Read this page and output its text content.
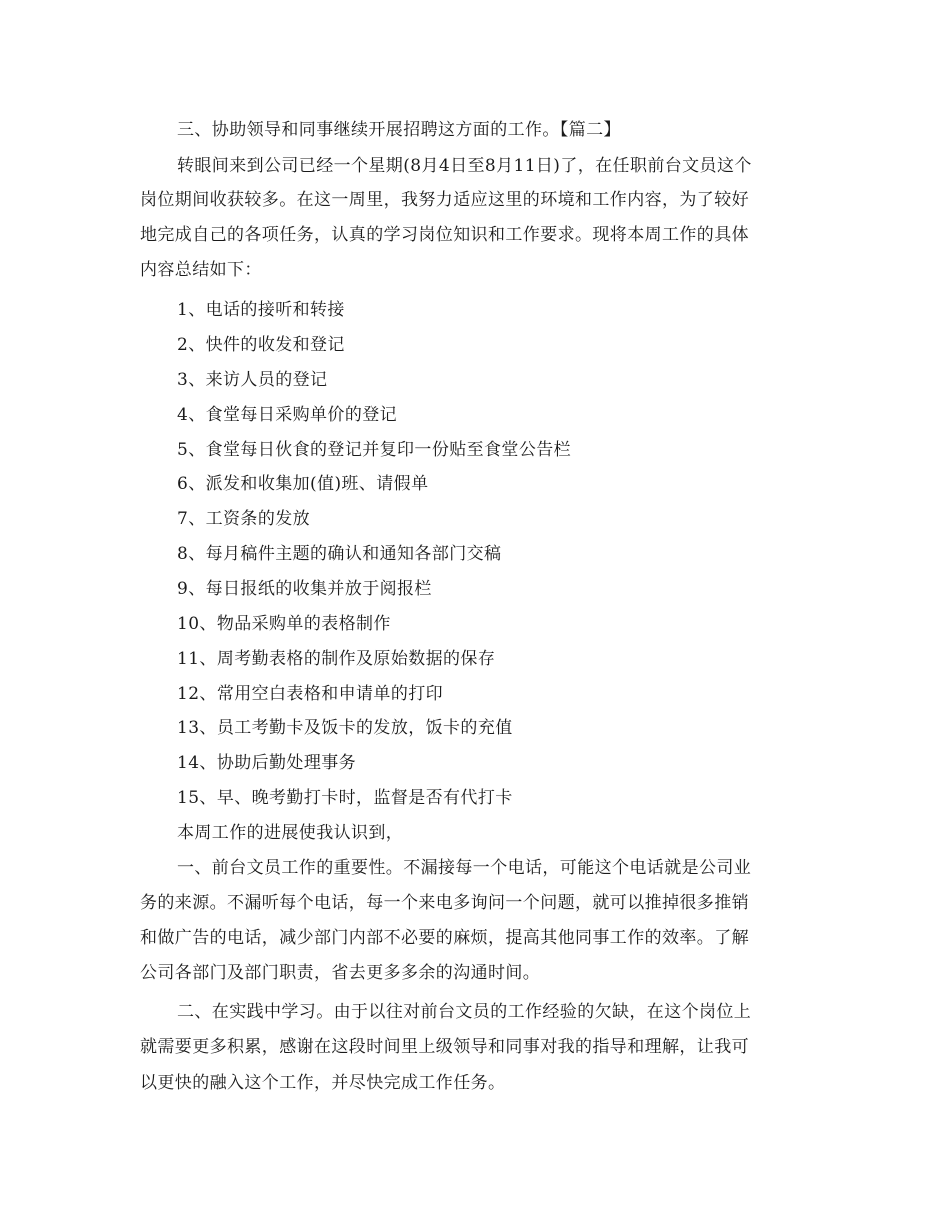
三、协助领导和同事继续开展招聘这方面的工作。【篇二】
转眼间来到公司已经一个星期(8月4日至8月11日)了，在任职前台文员这个
岗位期间收获较多。在这一周里，我努力适应这里的环境和工作内容，为了较好
地完成自己的各项任务，认真的学习岗位知识和工作要求。现将本周工作的具体
内容总结如下：
1、电话的接听和转接
2、快件的收发和登记
3、来访人员的登记
4、食堂每日采购单价的登记
5、食堂每日伙食的登记并复印一份贴至食堂公告栏
6、派发和收集加(值)班、请假单
7、工资条的发放
8、每月稿件主题的确认和通知各部门交稿
9、每日报纸的收集并放于阅报栏
10、物品采购单的表格制作
11、周考勤表格的制作及原始数据的保存
12、常用空白表格和申请单的打印
13、员工考勤卡及饭卡的发放，饭卡的充值
14、协助后勤处理事务
15、早、晚考勤打卡时，监督是否有代打卡
本周工作的进展使我认识到，
一、前台文员工作的重要性。不漏接每一个电话，可能这个电话就是公司业
务的来源。不漏听每个电话，每一个来电多询问一个问题，就可以推掉很多推销
和做广告的电话，减少部门内部不必要的麻烦，提高其他同事工作的效率。了解
公司各部门及部门职责，省去更多多余的沟通时间。
二、在实践中学习。由于以往对前台文员的工作经验的欠缺，在这个岗位上
就需要更多积累，感谢在这段时间里上级领导和同事对我的指导和理解，让我可
以更快的融入这个工作，并尽快完成工作任务。
